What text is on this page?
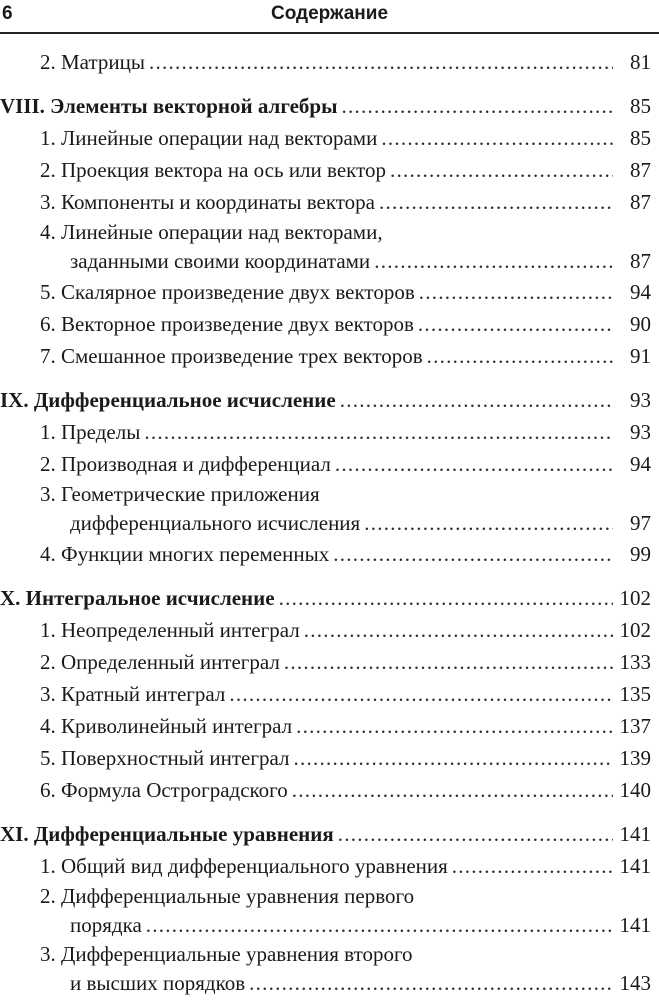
6	Содержание
2. Матрицы . . .	81
VIII. Элементы векторной алгебры . . .	85
1. Линейные операции над векторами . . .	85
2. Проекция вектора на ось или вектор . . .	87
3. Компоненты и координаты вектора . . .	87
4. Линейные операции над векторами,
заданными своими координатами . . .	87
5. Скалярное произведение двух векторов . . .	94
6. Векторное произведение двух векторов . . .	90
7. Смешанное произведение трех векторов . . .	91
IX. Дифференциальное исчисление . . .	93
1. Пределы . . .	93
2. Производная и дифференциал . . .	94
3. Геометрические приложения
дифференциального исчисления . . .	97
4. Функции многих переменных . . .	99
X. Интегральное исчисление . . .	102
1. Неопределенный интеграл . . .	102
2. Определенный интеграл . . .	133
3. Кратный интеграл . . .	135
4. Криволинейный интеграл . . .	137
5. Поверхностный интеграл . . .	139
6. Формула Остроградского . . .	140
XI. Дифференциальные уравнения . . .	141
1. Общий вид дифференциального уравнения . . .	141
2. Дифференциальные уравнения первого
порядка . . .	141
3. Дифференциальные уравнения второго
и высших порядков . . .	143
